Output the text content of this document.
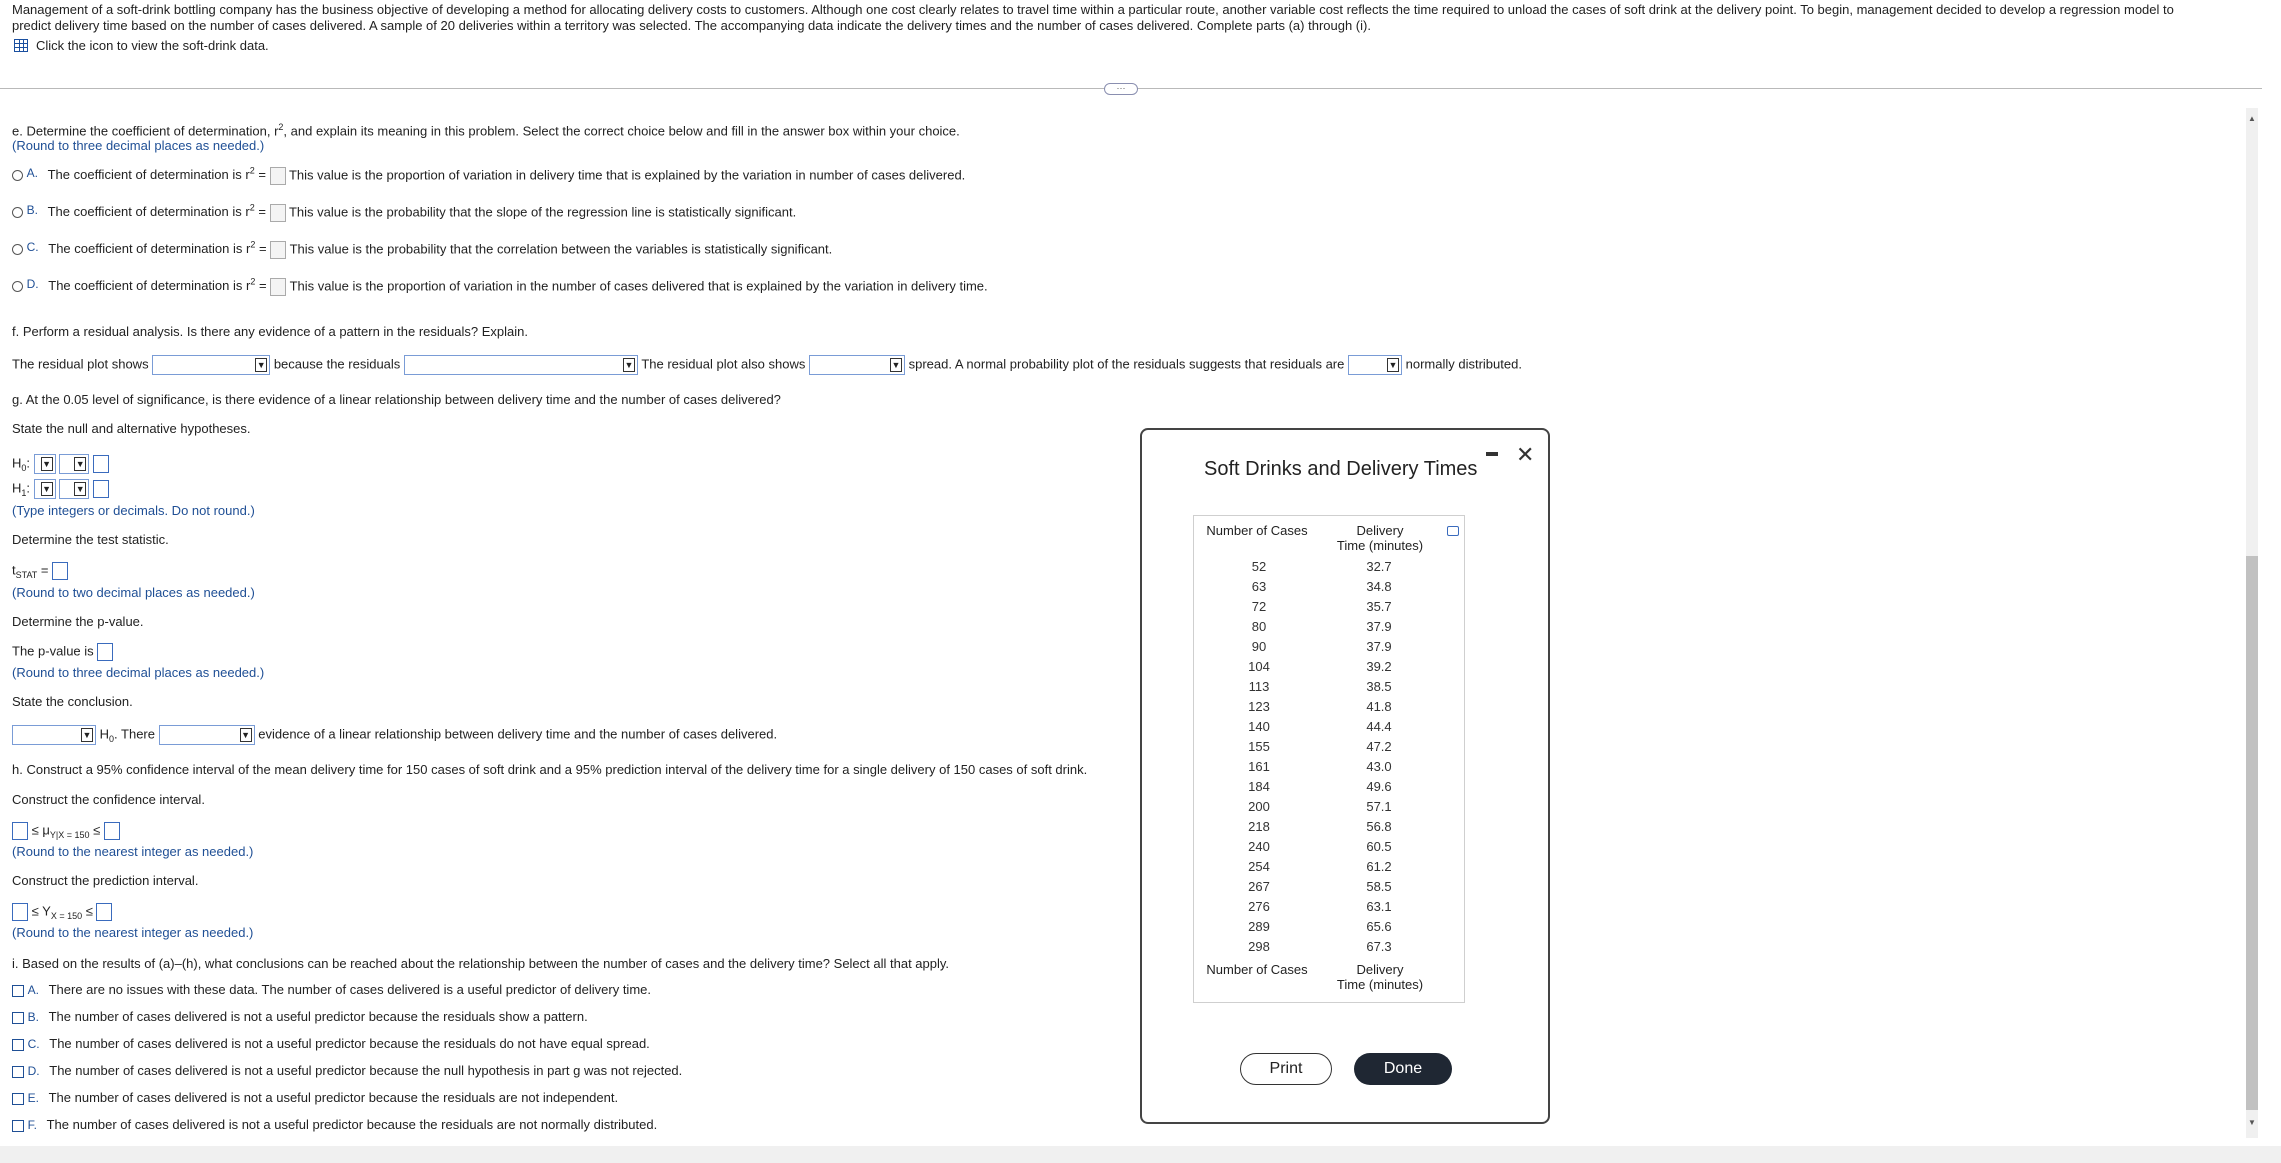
Management of a soft-drink bottling company has the business objective of developing a method for allocating delivery costs to customers. Although one cost clearly relates to travel time within a particular route, another variable cost reflects the time required to unload the cases of soft drink at the delivery point. To begin, management decided to develop a regression model to predict delivery time based on the number of cases delivered. A sample of 20 deliveries within a territory was selected. The accompanying data indicate the delivery times and the number of cases delivered. Complete parts (a) through (i).
Click the icon to view the soft-drink data.
···
e. Determine the coefficient of determination, $r^2$, and explain its meaning in this problem. Select the correct choice below and fill in the answer box within your choice.
(Round to three decimal places as needed.)
A. The coefficient of determination is $r^2$ = This value is the proportion of variation in delivery time that is explained by the variation in number of cases delivered.
B. The coefficient of determination is $r^2$ = This value is the probability that the slope of the regression line is statistically significant.
C. The coefficient of determination is $r^2$ = This value is the probability that the correlation between the variables is statistically significant.
D. The coefficient of determination is $r^2$ = This value is the proportion of variation in the number of cases delivered that is explained by the variation in delivery time.
f. Perform a residual analysis. Is there any evidence of a pattern in the residuals? Explain.
The residual plot shows	▼ because the residuals	▼ The residual plot also shows	▼ spread. A normal probability plot of the residuals suggests that residuals are	▼ normally distributed.
g. At the 0.05 level of significance, is there evidence of a linear relationship between delivery time and the number of cases delivered?
State the null and alternative hypotheses.
$H_0$: ▼
	▼

$H_1$: ▼
	▼

(Type integers or decimals. Do not round.)
Determine the test statistic.
$t_{STAT}$ =
(Round to two decimal places as needed.)
Determine the p-value.
The p-value is
(Round to three decimal places as needed.)
State the conclusion.
▼ $H_0$. There	▼ evidence of a linear relationship between delivery time and the number of cases delivered.
h. Construct a 95% confidence interval of the mean delivery time for 150 cases of soft drink and a 95% prediction interval of the delivery time for a single delivery of 150 cases of soft drink.
Construct the confidence interval.
≤ $\mu_{Y|X = 150}$ ≤
(Round to the nearest integer as needed.)
Construct the prediction interval.
≤ $Y_{X = 150}$ ≤
(Round to the nearest integer as needed.)
i. Based on the results of (a)–(h), what conclusions can be reached about the relationship between the number of cases and the delivery time? Select all that apply.
A. There are no issues with these data. The number of cases delivered is a useful predictor of delivery time.
B. The number of cases delivered is not a useful predictor because the residuals show a pattern.
C. The number of cases delivered is not a useful predictor because the residuals do not have equal spread.
D. The number of cases delivered is not a useful predictor because the null hypothesis in part g was not rejected.
E. The number of cases delivered is not a useful predictor because the residuals are not independent.
F. The number of cases delivered is not a useful predictor because the residuals are not normally distributed.
▲
▼
Soft Drinks and Delivery Times
✕
Number of Cases	Delivery
Time (minutes)
Number of Cases	Delivery
Time (minutes)
52	32.7
63	34.8
72	35.7
80	37.9
90	37.9
104	39.2
113	38.5
123	41.8
140	44.4
155	47.2
161	43.0
184	49.6
200	57.1
218	56.8
240	60.5
254	61.2
267	58.5
276	63.1
289	65.6
298	67.3
Print	Done
